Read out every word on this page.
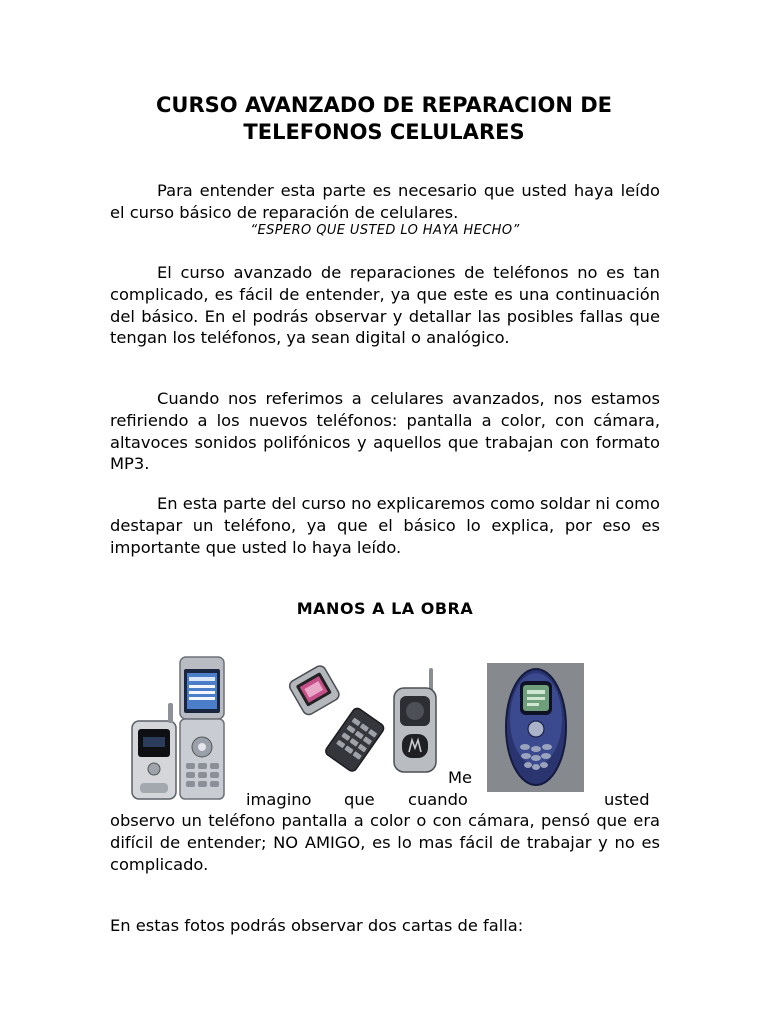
CURSO AVANZADO DE REPARACION DE
TELEFONOS CELULARES
Para entender esta parte es necesario que usted haya leído el curso básico de reparación de celulares.
“ESPERO QUE USTED LO HAYA HECHO”
El curso avanzado de reparaciones de teléfonos no es tan complicado, es fácil de entender, ya que este es una continuación del básico. En el podrás observar y detallar las posibles fallas que tengan los teléfonos, ya sean digital o analógico.
Cuando nos referimos a celulares avanzados, nos estamos refiriendo a los nuevos teléfonos: pantalla a color, con cámara, altavoces sonidos polifónicos y aquellos que trabajan con formato MP3.
En esta parte del curso no explicaremos como soldar ni como destapar un teléfono, ya que el básico lo explica, por eso es importante que usted lo haya leído.
MANOS A LA OBRA
Me
imagino que cuando	usted
observo un teléfono pantalla a color o con cámara, pensó que era difícil de entender; NO AMIGO, es lo mas fácil de trabajar y no es complicado.
En estas fotos podrás observar dos cartas de falla:
